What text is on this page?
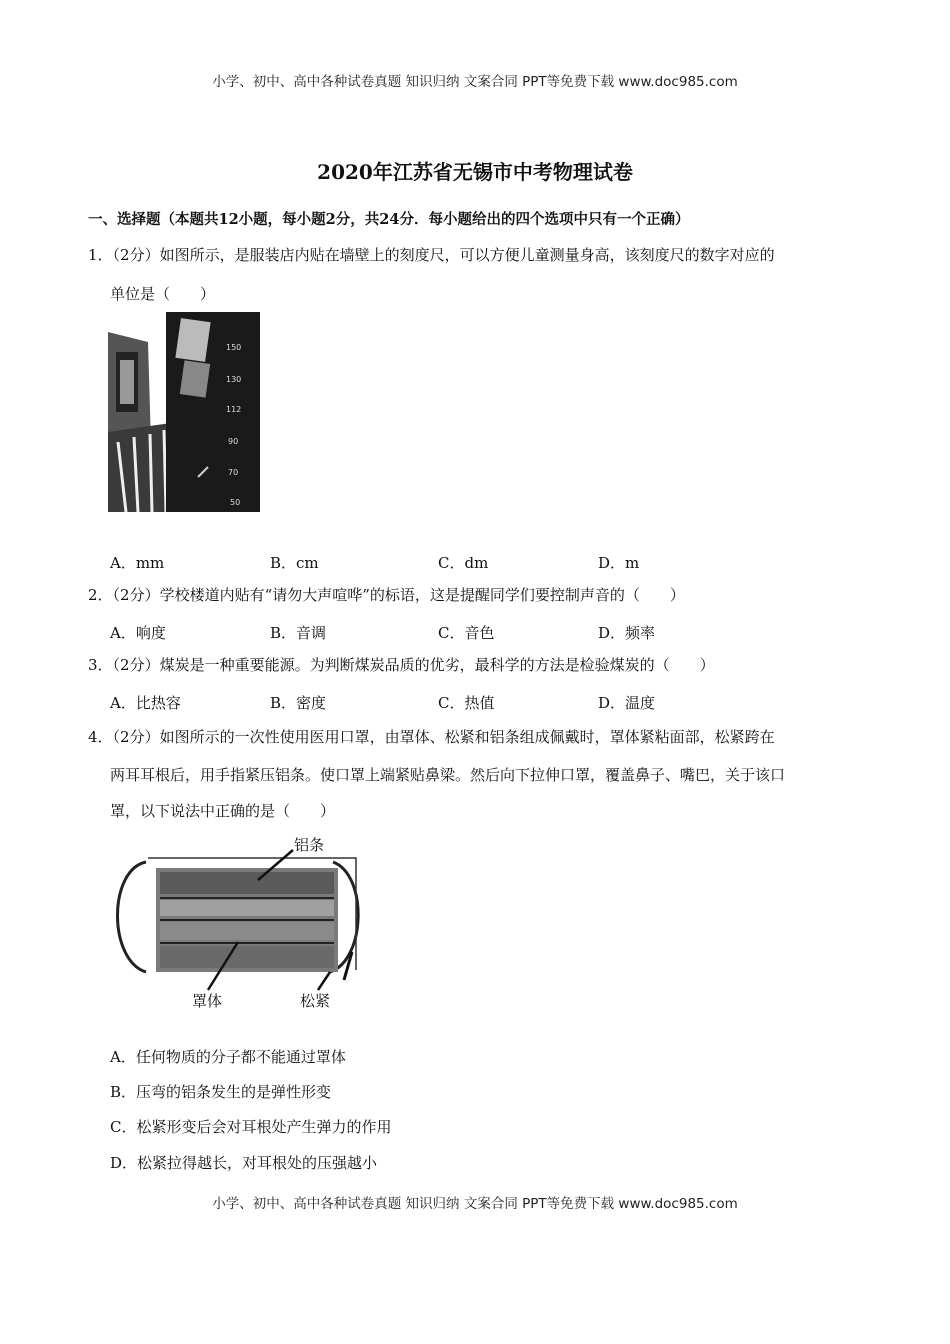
小学、初中、高中各种试卷真题 知识归纳 文案合同 PPT等免费下载 www.doc985.com
2020年江苏省无锡市中考物理试卷
一、选择题（本题共12小题，每小题2分，共24分．每小题给出的四个选项中只有一个正确）
1．（2分）如图所示，是服装店内贴在墙壁上的刻度尺，可以方便儿童测量身高，该刻度尺的数字对应的
单位是（　　）
150
130
112
90
70
50
A．mm	B．cm	C．dm	D．m
2．（2分）学校楼道内贴有“请勿大声喧哗”的标语，这是提醒同学们要控制声音的（　　）
A．响度	B．音调	C．音色	D．频率
3．（2分）煤炭是一种重要能源。为判断煤炭品质的优劣，最科学的方法是检验煤炭的（　　）
A．比热容	B．密度	C．热值	D．温度
4．（2分）如图所示的一次性使用医用口罩，由罩体、松紧和铝条组成佩戴时，罩体紧粘面部，松紧跨在
两耳耳根后，用手指紧压铝条。使口罩上端紧贴鼻梁。然后向下拉伸口罩，覆盖鼻子、嘴巴，关于该口
罩，以下说法中正确的是（　　）
铝条
罩体	松紧
A．任何物质的分子都不能通过罩体
B．压弯的铝条发生的是弹性形变
C．松紧形变后会对耳根处产生弹力的作用
D．松紧拉得越长，对耳根处的压强越小
小学、初中、高中各种试卷真题 知识归纳 文案合同 PPT等免费下载 www.doc985.com
